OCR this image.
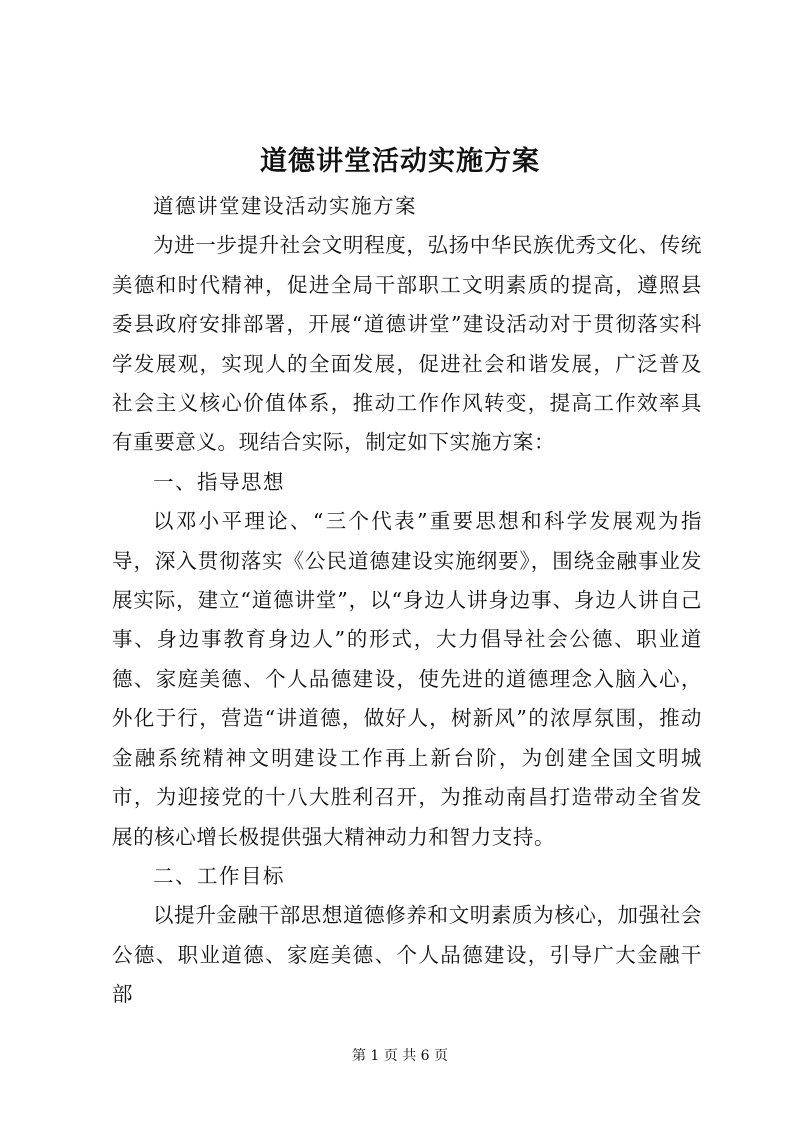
道德讲堂活动实施方案

道德讲堂建设活动实施方案

为进一步提升社会文明程度，弘扬中华民族优秀文化、传统美德和时代精神，促进全局干部职工文明素质的提高，遵照县委县政府安排部署，开展“道德讲堂”建设活动对于贯彻落实科学发展观，实现人的全面发展，促进社会和谐发展，广泛普及社会主义核心价值体系，推动工作作风转变，提高工作效率具有重要意义。现结合实际，制定如下实施方案：

一、指导思想

以邓小平理论、“三个代表”重要思想和科学发展观为指导，深入贯彻落实《公民道德建设实施纲要》，围绕金融事业发展实际，建立“道德讲堂”，以“身边人讲身边事、身边人讲自己事、身边事教育身边人”的形式，大力倡导社会公德、职业道德、家庭美德、个人品德建设，使先进的道德理念入脑入心，外化于行，营造“讲道德，做好人，树新风”的浓厚氛围，推动金融系统精神文明建设工作再上新台阶，为创建全国文明城市，为迎接党的十八大胜利召开，为推动南昌打造带动全省发展的核心增长极提供强大精神动力和智力支持。

二、工作目标

以提升金融干部思想道德修养和文明素质为核心，加强社会公德、职业道德、家庭美德、个人品德建设，引导广大金融干部

第 1 页 共 6 页
